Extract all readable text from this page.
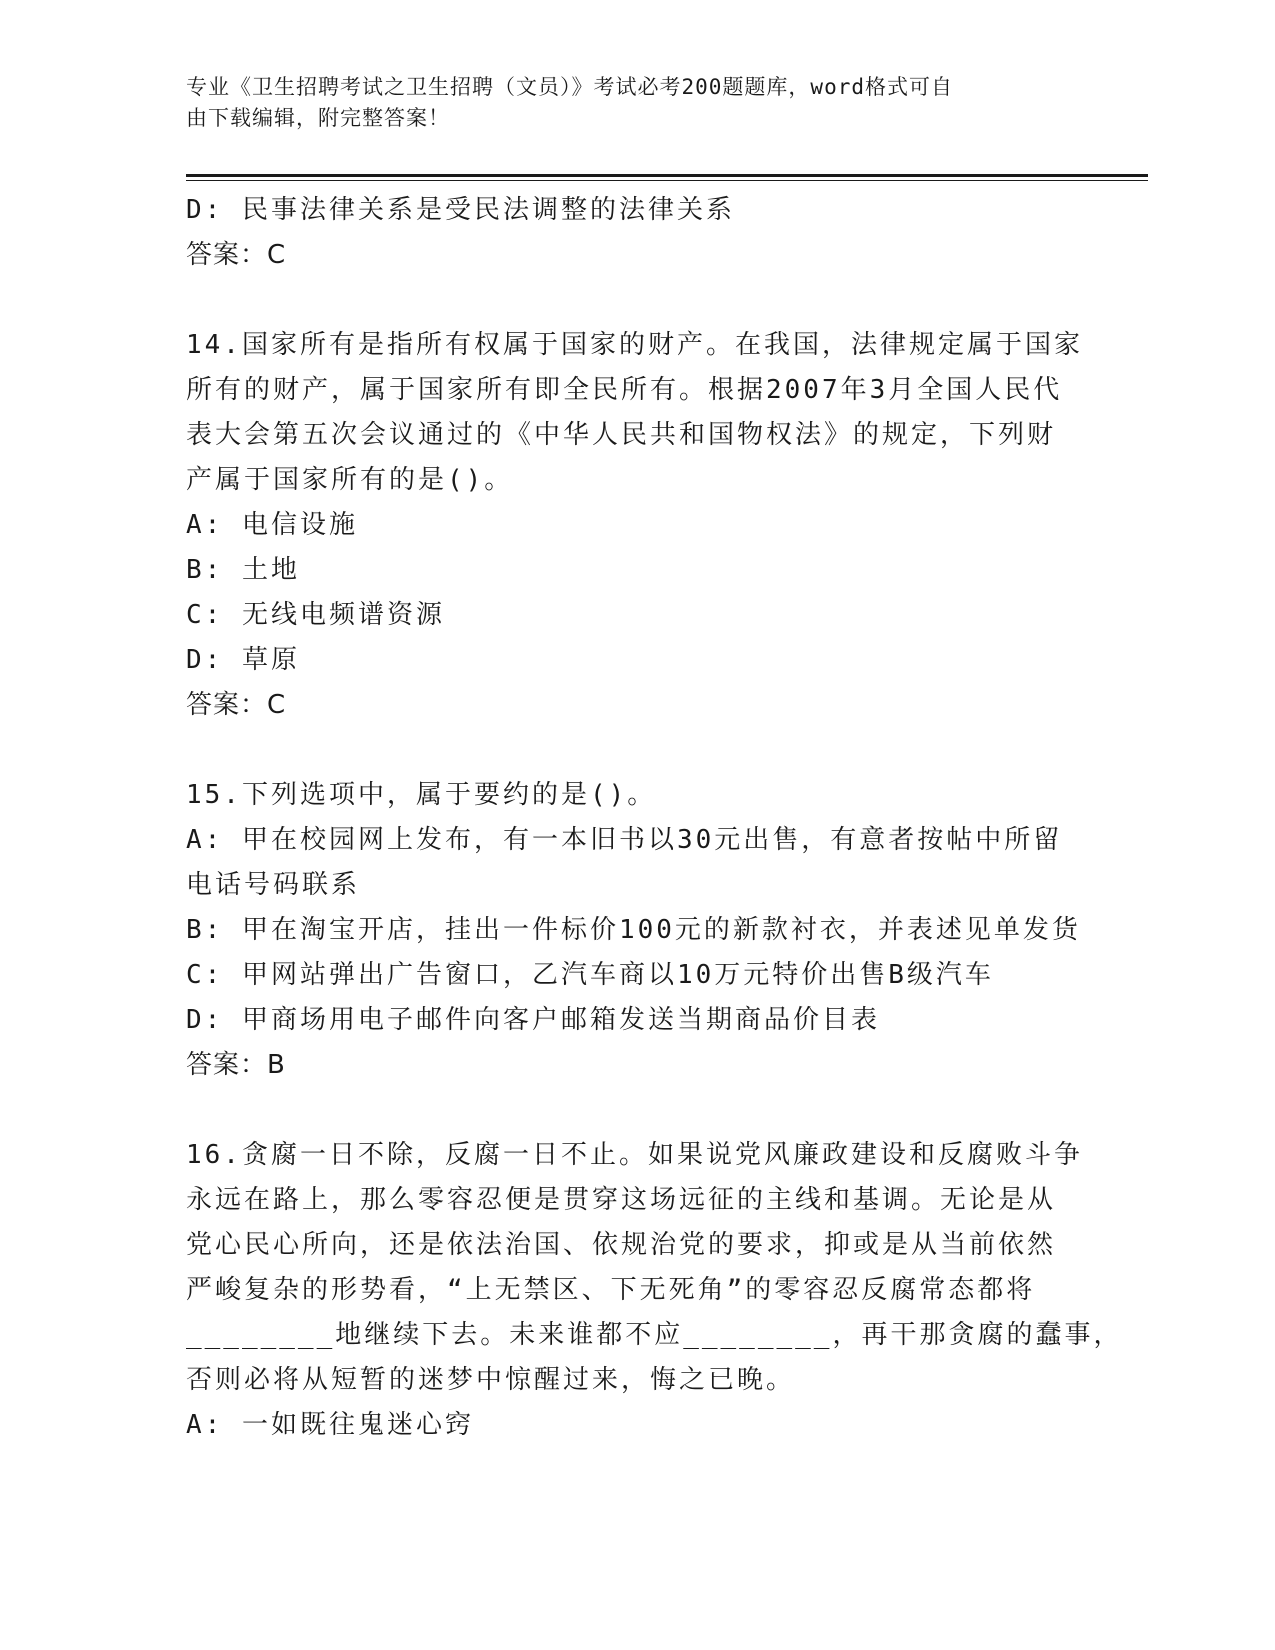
专业《卫生招聘考试之卫生招聘（文员）》考试必考200题题库，word格式可自
由下载编辑，附完整答案！
D: 民事法律关系是受民法调整的法律关系
答案：C
14.国家所有是指所有权属于国家的财产。在我国，法律规定属于国家
所有的财产，属于国家所有即全民所有。根据2007年3月全国人民代
表大会第五次会议通过的《中华人民共和国物权法》的规定，下列财
产属于国家所有的是()。
A: 电信设施
B: 土地
C: 无线电频谱资源
D: 草原
答案：C
15.下列选项中，属于要约的是()。
A: 甲在校园网上发布，有一本旧书以30元出售，有意者按帖中所留
电话号码联系
B: 甲在淘宝开店，挂出一件标价100元的新款衬衣，并表述见单发货
C: 甲网站弹出广告窗口，乙汽车商以10万元特价出售B级汽车
D: 甲商场用电子邮件向客户邮箱发送当期商品价目表
答案：B
16.贪腐一日不除，反腐一日不止。如果说党风廉政建设和反腐败斗争
永远在路上，那么零容忍便是贯穿这场远征的主线和基调。无论是从
党心民心所向，还是依法治国、依规治党的要求，抑或是从当前依然
严峻复杂的形势看，“上无禁区、下无死角”的零容忍反腐常态都将
________地继续下去。未来谁都不应________，再干那贪腐的蠢事，
否则必将从短暂的迷梦中惊醒过来，悔之已晚。
A: 一如既往鬼迷心窍
